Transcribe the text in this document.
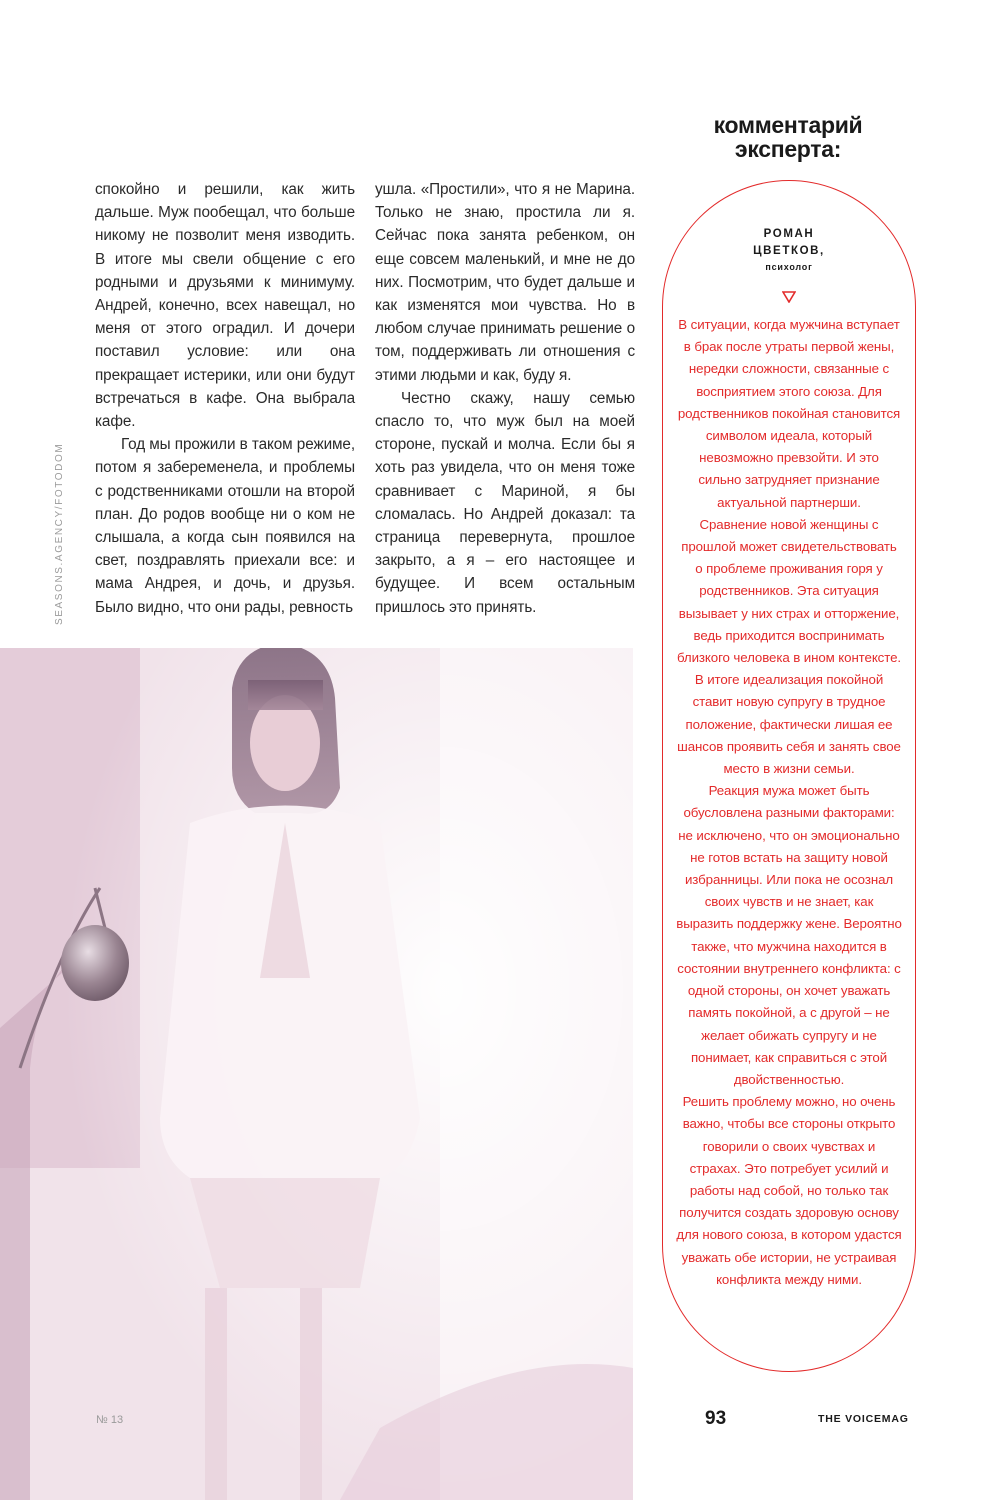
спокойно и решили, как жить дальше. Муж пообещал, что больше никому не позволит меня изводить. В итоге мы свели общение с его родными и друзьями к минимуму. Андрей, конечно, всех навещал, но меня от этого оградил. И дочери поставил условие: или она прекращает истерики, или они будут встречаться в кафе. Она выбрала кафе.

Год мы прожили в таком режиме, потом я забеременела, и проблемы с родственниками отошли на второй план. До родов вообще ни о ком не слышала, а когда сын появился на свет, поздравлять приехали все: и мама Андрея, и дочь, и друзья. Было видно, что они рады, ревность

ушла. «Простили», что я не Марина. Только не знаю, простила ли я. Сейчас пока занята ребенком, он еще совсем маленький, и мне не до них. Посмотрим, что будет дальше и как изменятся мои чувства. Но в любом случае принимать решение о том, поддерживать ли отношения с этими людьми и как, буду я.

Честно скажу, нашу семью спасло то, что муж был на моей стороне, пускай и молча. Если бы я хоть раз увидела, что он меня тоже сравнивает с Мариной, я бы сломалась. Но Андрей доказал: та страница перевернута, прошлое закрыто, а я – его настоящее и будущее. И всем остальным пришлось это принять.

SEASONS.AGENCY/FOTODOM
комментарий
эксперта:
РОМАН
ЦВЕТКОВ,
психолог

В ситуации, когда мужчина вступает в брак после утраты первой жены, нередки сложности, связанные с восприятием этого союза. Для родственников покойная становится символом идеала, который невозможно превзойти. И это сильно затрудняет признание актуальной партнерши.

Сравнение новой женщины с прошлой может свидетельствовать о проблеме проживания горя у родственников. Эта ситуация вызывает у них страх и отторжение, ведь приходится воспринимать близкого человека в ином контексте. В итоге идеализация покойной ставит новую супругу в трудное положение, фактически лишая ее шансов проявить себя и занять свое место в жизни семьи.

Реакция мужа может быть обусловлена разными факторами: не исключено, что он эмоционально не готов встать на защиту новой избранницы. Или пока не осознал своих чувств и не знает, как выразить поддержку жене. Вероятно также, что мужчина находится в состоянии внутреннего конфликта: с одной стороны, он хочет уважать память покойной, а с другой – не желает обижать супругу и не понимает, как справиться с этой двойственностью.

Решить проблему можно, но очень важно, чтобы все стороны открыто говорили о своих чувствах и страхах. Это потребует усилий и работы над собой, но только так получится создать здоровую основу для нового союза, в котором удастся уважать обе истории, не устраивая конфликта между ними.

№ 13	93	THE VOICEMAG
